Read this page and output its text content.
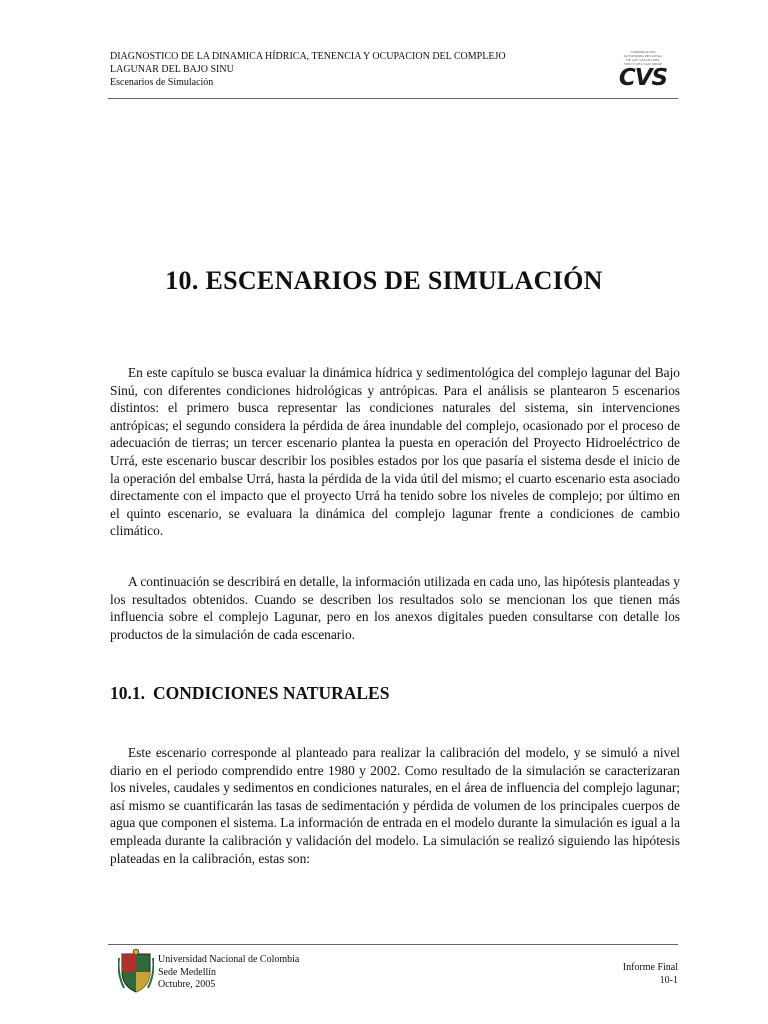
DIAGNOSTICO DE LA DINAMICA HÍDRICA, TENENCIA Y OCUPACION DEL COMPLEJO
LAGUNAR DEL BAJO SINU
Escenarios de Simulación
CORPORACION
AUTONOMA REGIONAL
DE LOS VALLES DEL
SINU Y DEL SAN JORGE
CVS
10. ESCENARIOS DE SIMULACIÓN

En este capítulo se busca evaluar la dinámica hídrica y sedimentológica del complejo lagunar del Bajo Sinú, con diferentes condiciones hidrológicas y antrópicas. Para el análisis se plantearon 5 escenarios distintos: el primero busca representar las condiciones naturales del sistema, sin intervenciones antrópicas; el segundo considera la pérdida de área inundable del complejo, ocasionado por el proceso de adecuación de tierras; un tercer escenario plantea la puesta en operación del Proyecto Hidroeléctrico de Urrá, este escenario buscar describir los posibles estados por los que pasaría el sistema desde el inicio de la operación del embalse Urrá, hasta la pérdida de la vida útil del mismo; el cuarto escenario esta asociado directamente con el impacto que el proyecto Urrá ha tenido sobre los niveles de complejo; por último en el quinto escenario, se evaluara la dinámica del complejo lagunar frente a condiciones de cambio climático.

A continuación se describirá en detalle, la información utilizada en cada uno, las hipótesis planteadas y los resultados obtenidos. Cuando se describen los resultados solo se mencionan los que tienen más influencia sobre el complejo Lagunar, pero en los anexos digitales pueden consultarse con detalle los productos de la simulación de cada escenario.

10.1. CONDICIONES NATURALES

Este escenario corresponde al planteado para realizar la calibración del modelo, y se simuló a nivel diario en el periodo comprendido entre 1980 y 2002. Como resultado de la simulación se caracterizaran los niveles, caudales y sedimentos en condiciones naturales, en el área de influencia del complejo lagunar; así mismo se cuantificarán las tasas de sedimentación y pérdida de volumen de los principales cuerpos de agua que componen el sistema. La información de entrada en el modelo durante la simulación es igual a la empleada durante la calibración y validación del modelo. La simulación se realizó siguiendo las hipótesis plateadas en la calibración, estas son:

Universidad Nacional de Colombia
Sede Medellín
Octubre, 2005
Informe Final
10-1
